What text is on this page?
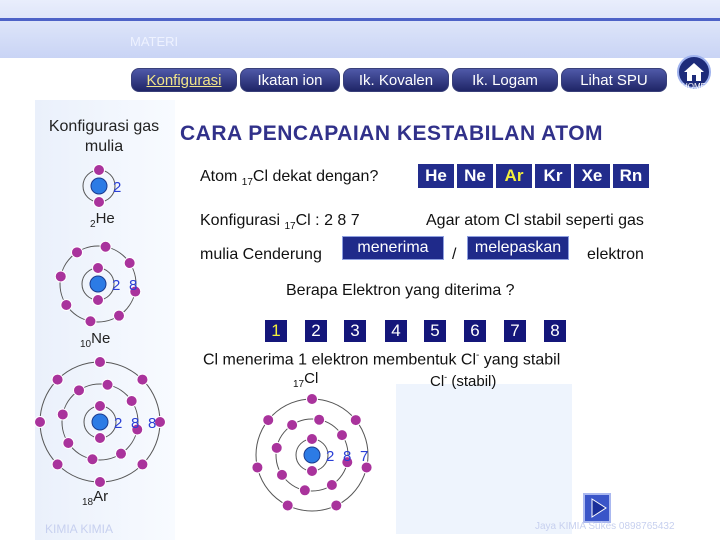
MATERI
Konfigurasi	Ikatan ion	Ik. Kovalen	Ik. Logam	Lihat SPU	HOME
Konfigurasi gas mulia
2
2 8
2 8 8
2 8 7
$_2$He
$_{10}$Ne
$_{18}$Ar
KIMIA KIMIA
CARA PENCAPAIAN KESTABILAN ATOM
Atom $_{17}$Cl dekat dengan?	He	Ne	Ar	Kr	Xe	Rn
Konfigurasi $_{17}$Cl : 2 8 7	Agar atom Cl stabil seperti gas
mulia Cenderung	menerima	/	melepaskan	elektron
Berapa Elektron yang diterima ?
1	2	3	4	5	6	7	8
Cl menerima 1 elektron membentuk Cl- yang stabil
$_{17}$Cl	Cl- (stabil)
Jaya KIMIA Sukes 0898765432
